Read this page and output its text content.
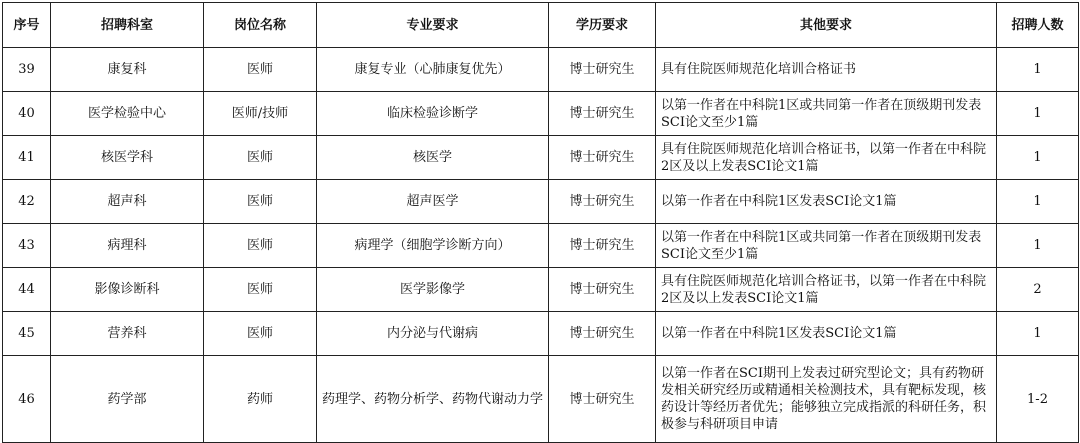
序号	招聘科室	岗位名称	专业要求	学历要求	其他要求	招聘人数
39	康复科	医师	康复专业（心肺康复优先）	博士研究生	具有住院医师规范化培训合格证书	1
40	医学检验中心	医师/技师	临床检验诊断学	博士研究生	以第一作者在中科院1区或共同第一作者在顶级期刊发表SCI论文至少1篇	1
41	核医学科	医师	核医学	博士研究生	具有住院医师规范化培训合格证书，以第一作者在中科院2区及以上发表SCI论文1篇	1
42	超声科	医师	超声医学	博士研究生	以第一作者在中科院1区发表SCI论文1篇	1
43	病理科	医师	病理学（细胞学诊断方向）	博士研究生	以第一作者在中科院1区或共同第一作者在顶级期刊发表SCI论文至少1篇	1
44	影像诊断科	医师	医学影像学	博士研究生	具有住院医师规范化培训合格证书，以第一作者在中科院2区及以上发表SCI论文1篇	2
45	营养科	医师	内分泌与代谢病	博士研究生	以第一作者在中科院1区发表SCI论文1篇	1
46	药学部	药师	药理学、药物分析学、药物代谢动力学	博士研究生	以第一作者在SCI期刊上发表过研究型论文；具有药物研发相关研究经历或精通相关检测技术，具有靶标发现，核药设计等经历者优先；能够独立完成指派的科研任务，积极参与科研项目申请	1-2
